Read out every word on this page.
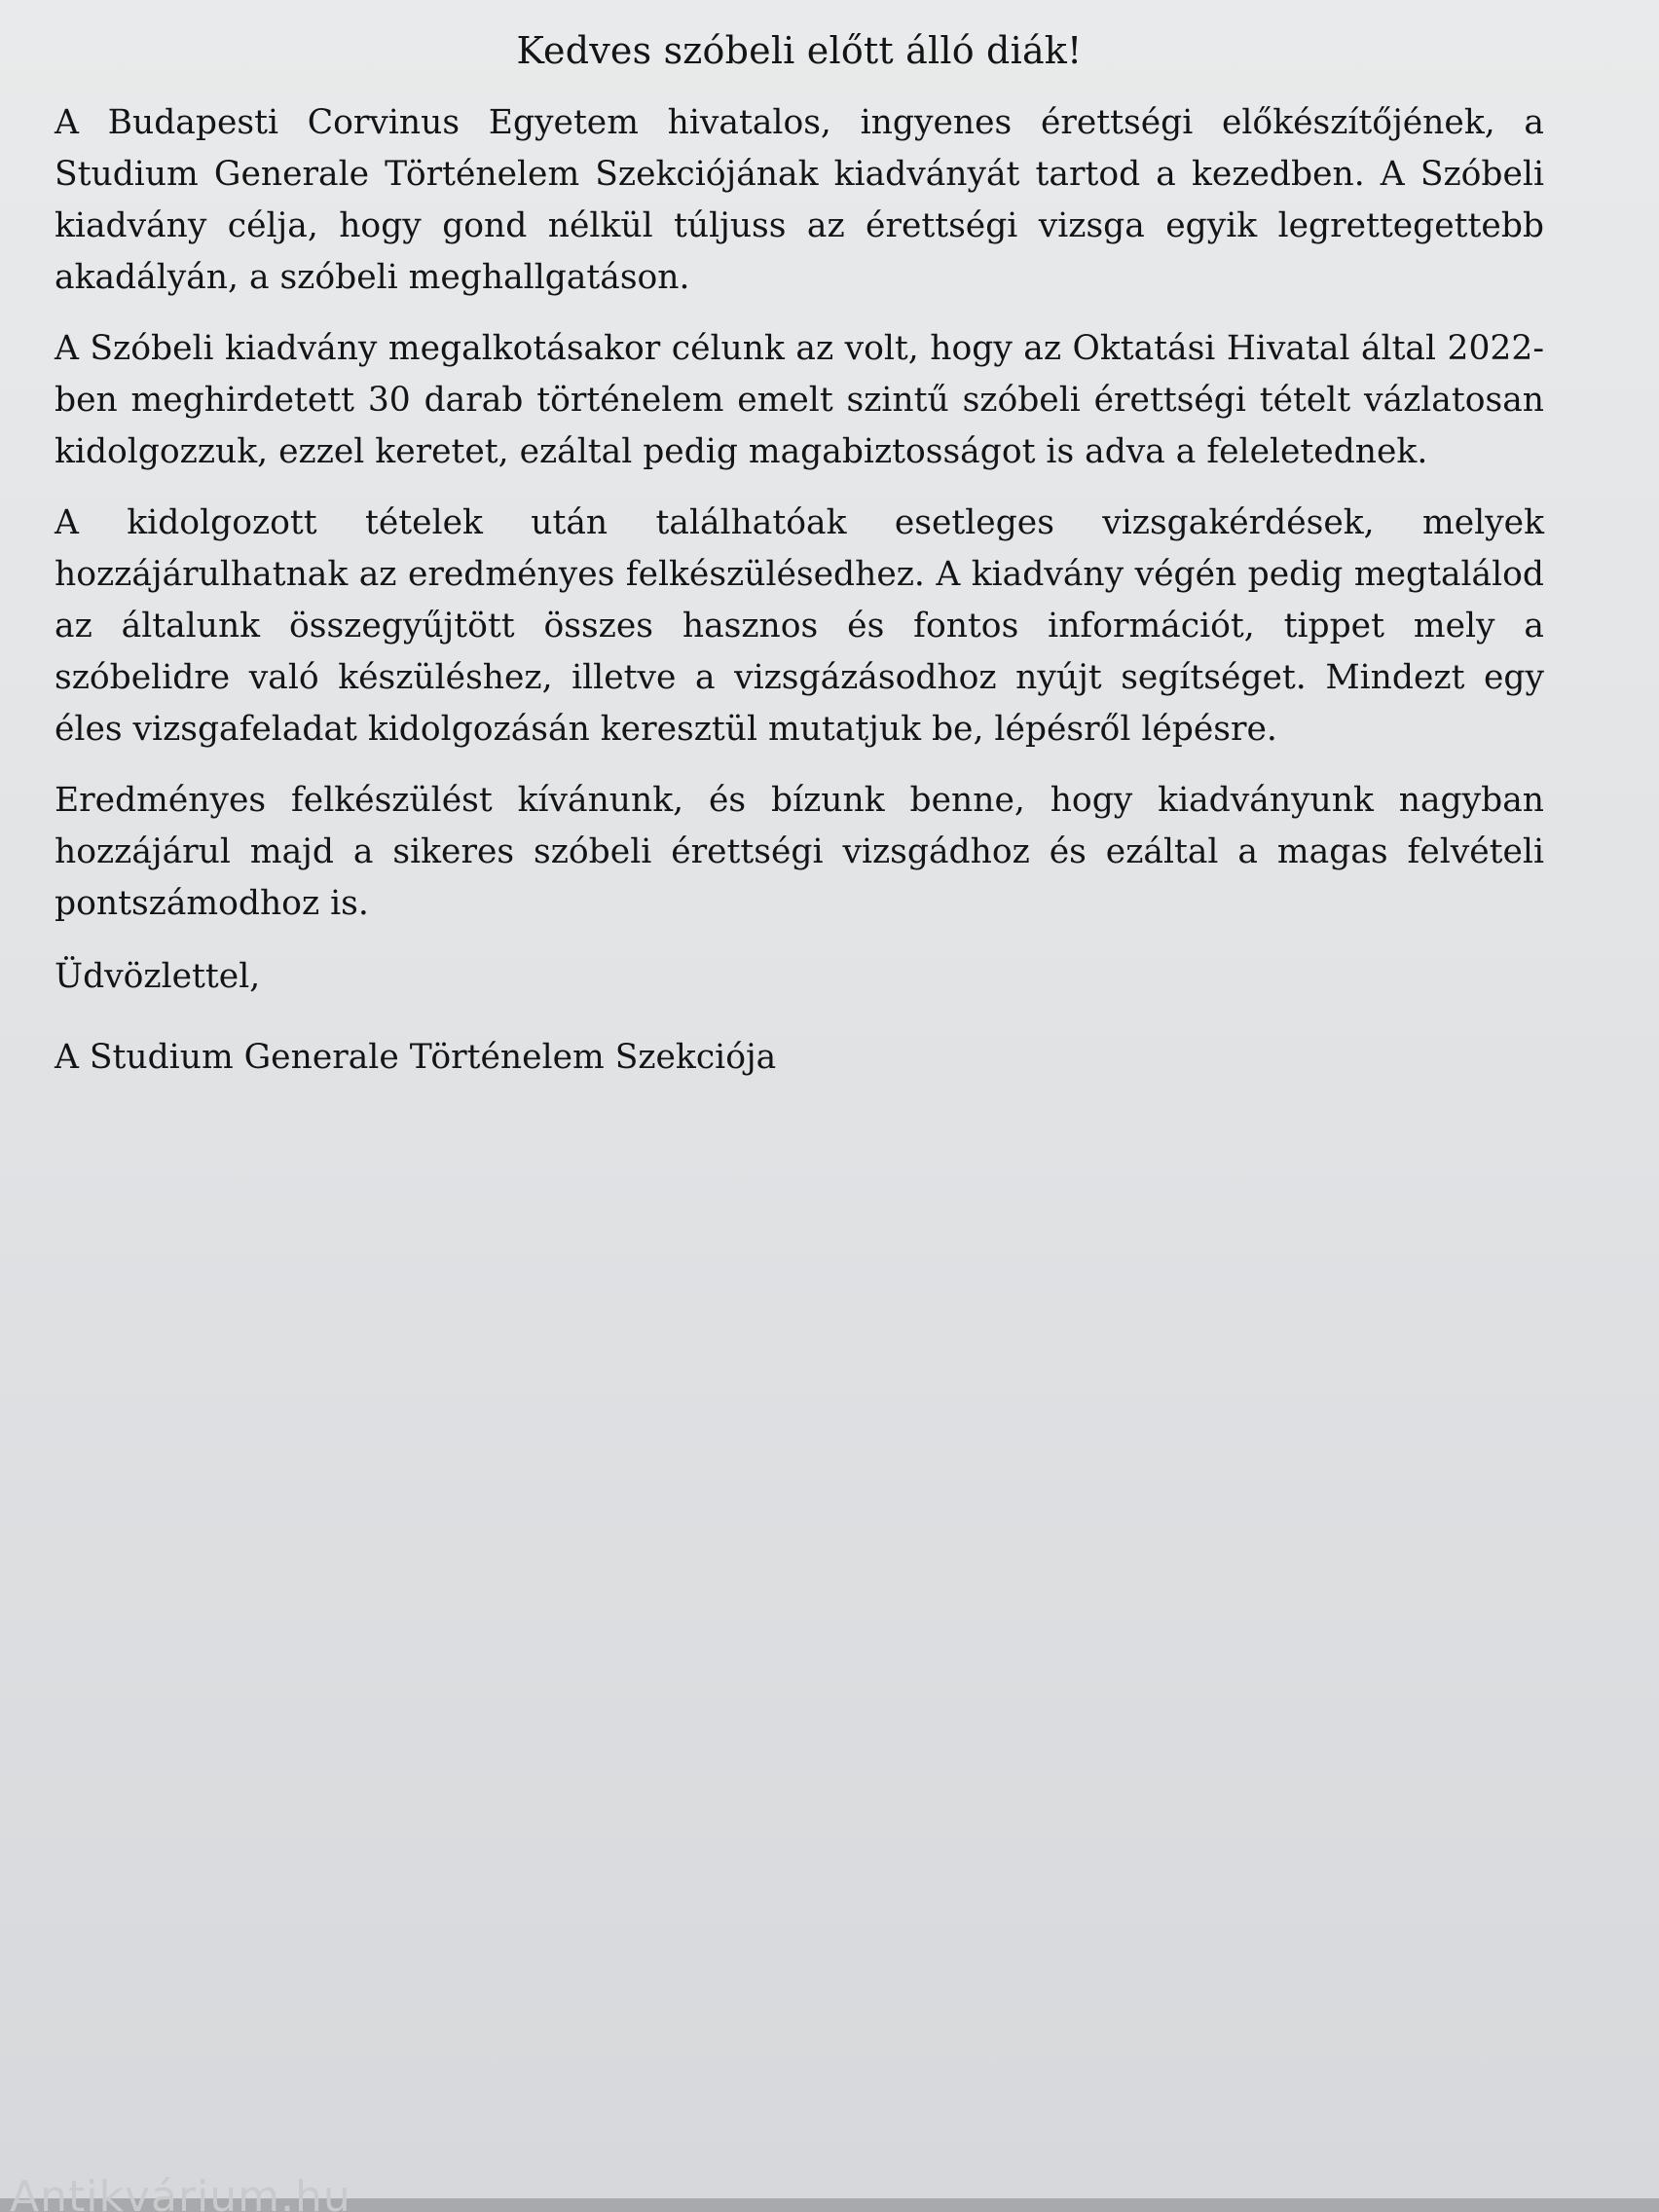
Kedves szóbeli előtt álló diák!

A Budapesti Corvinus Egyetem hivatalos, ingyenes érettségi előkészítőjének, a Studium Generale Történelem Szekciójának kiadványát tartod a kezedben. A Szóbeli kiadvány célja, hogy gond nélkül túljuss az érettségi vizsga egyik legrettegettebb akadályán, a szóbeli meghallgatáson.

A Szóbeli kiadvány megalkotásakor célunk az volt, hogy az Oktatási Hivatal által 2022-ben meghirdetett 30 darab történelem emelt szintű szóbeli érettségi tételt vázlatosan kidolgozzuk, ezzel keretet, ezáltal pedig magabiztosságot is adva a feleletednek.

A kidolgozott tételek után találhatóak esetleges vizsgakérdések, melyek hozzájárulhatnak az eredményes felkészülésedhez. A kiadvány végén pedig megtalálod az általunk összegyűjtött összes hasznos és fontos információt, tippet mely a szóbelidre való készüléshez, illetve a vizsgázásodhoz nyújt segítséget. Mindezt egy éles vizsgafeladat kidolgozásán keresztül mutatjuk be, lépésről lépésre.

Eredményes felkészülést kívánunk, és bízunk benne, hogy kiadványunk nagyban hozzájárul majd a sikeres szóbeli érettségi vizsgádhoz és ezáltal a magas felvételi pontszámodhoz is.

Üdvözlettel,
A Studium Generale Történelem Szekciója
Antikvárium.hu
